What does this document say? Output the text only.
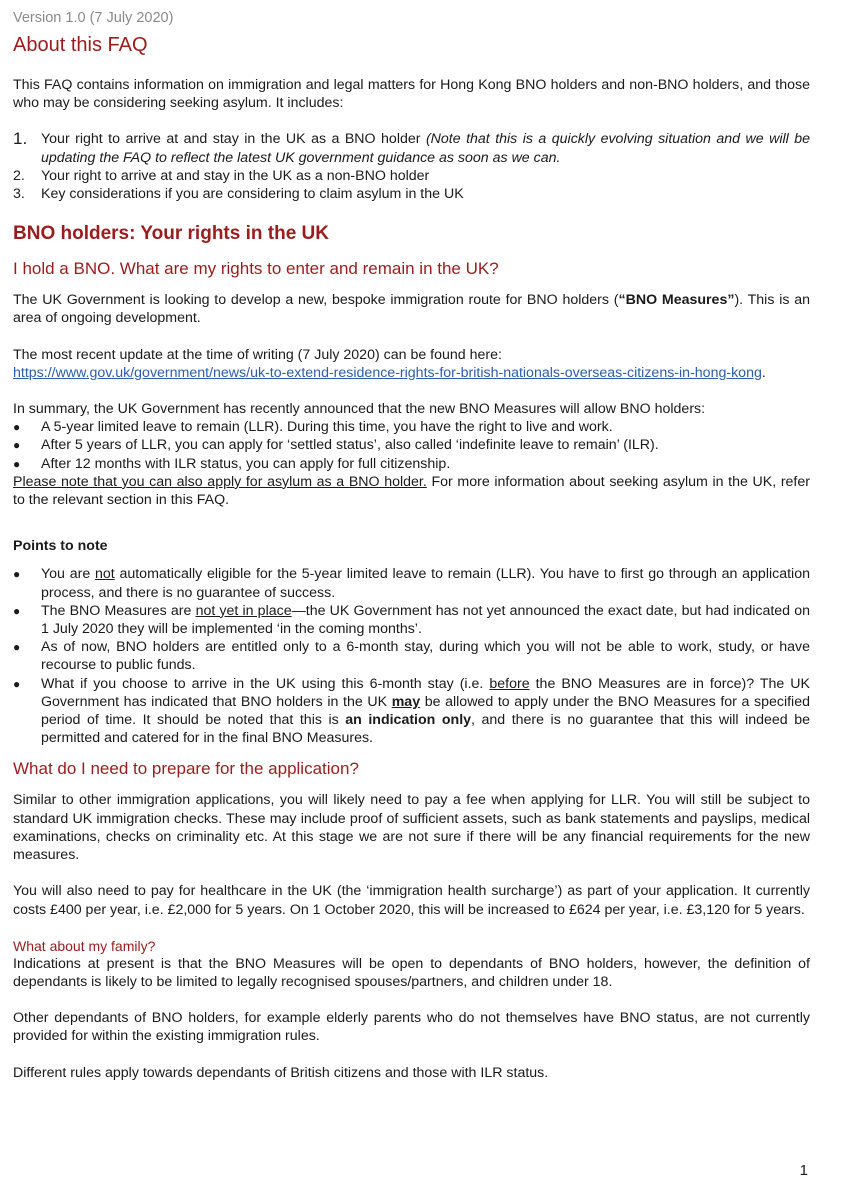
Version 1.0 (7 July 2020)
About this FAQ

This FAQ contains information on immigration and legal matters for Hong Kong BNO holders and non-BNO holders, and those who may be considering seeking asylum. It includes:

1. Your right to arrive at and stay in the UK as a BNO holder (Note that this is a quickly evolving situation and we will be updating the FAQ to reflect the latest UK government guidance as soon as we can.
2. Your right to arrive at and stay in the UK as a non-BNO holder
3. Key considerations if you are considering to claim asylum in the UK
BNO holders: Your rights in the UK
I hold a BNO. What are my rights to enter and remain in the UK?

The UK Government is looking to develop a new, bespoke immigration route for BNO holders (“BNO Measures”). This is an area of ongoing development.

The most recent update at the time of writing (7 July 2020) can be found here:

https://www.gov.uk/government/news/uk-to-extend-residence-rights-for-british-nationals-overseas-citizens-in-hong-kong.

In summary, the UK Government has recently announced that the new BNO Measures will allow BNO holders:

● A 5-year limited leave to remain (LLR). During this time, you have the right to live and work.
● After 5 years of LLR, you can apply for ‘settled status’, also called ‘indefinite leave to remain’ (ILR).
● After 12 months with ILR status, you can apply for full citizenship.

Please note that you can also apply for asylum as a BNO holder. For more information about seeking asylum in the UK, refer to the relevant section in this FAQ.

Points to note

● You are not automatically eligible for the 5-year limited leave to remain (LLR). You have to first go through an application process, and there is no guarantee of success.
● The BNO Measures are not yet in place—the UK Government has not yet announced the exact date, but had indicated on 1 July 2020 they will be implemented ‘in the coming months’.
● As of now, BNO holders are entitled only to a 6-month stay, during which you will not be able to work, study, or have recourse to public funds.
● What if you choose to arrive in the UK using this 6-month stay (i.e. before the BNO Measures are in force)? The UK Government has indicated that BNO holders in the UK may be allowed to apply under the BNO Measures for a specified period of time. It should be noted that this is an indication only, and there is no guarantee that this will indeed be permitted and catered for in the final BNO Measures.
What do I need to prepare for the application?

Similar to other immigration applications, you will likely need to pay a fee when applying for LLR. You will still be subject to standard UK immigration checks. These may include proof of sufficient assets, such as bank statements and payslips, medical examinations, checks on criminality etc. At this stage we are not sure if there will be any financial requirements for the new measures.

You will also need to pay for healthcare in the UK (the ‘immigration health surcharge’) as part of your application. It currently costs £400 per year, i.e. £2,000 for 5 years. On 1 October 2020, this will be increased to £624 per year, i.e. £3,120 for 5 years.

What about my family?

Indications at present is that the BNO Measures will be open to dependants of BNO holders, however, the definition of dependants is likely to be limited to legally recognised spouses/partners, and children under 18.

Other dependants of BNO holders, for example elderly parents who do not themselves have BNO status, are not currently provided for within the existing immigration rules.

Different rules apply towards dependants of British citizens and those with ILR status.

1
